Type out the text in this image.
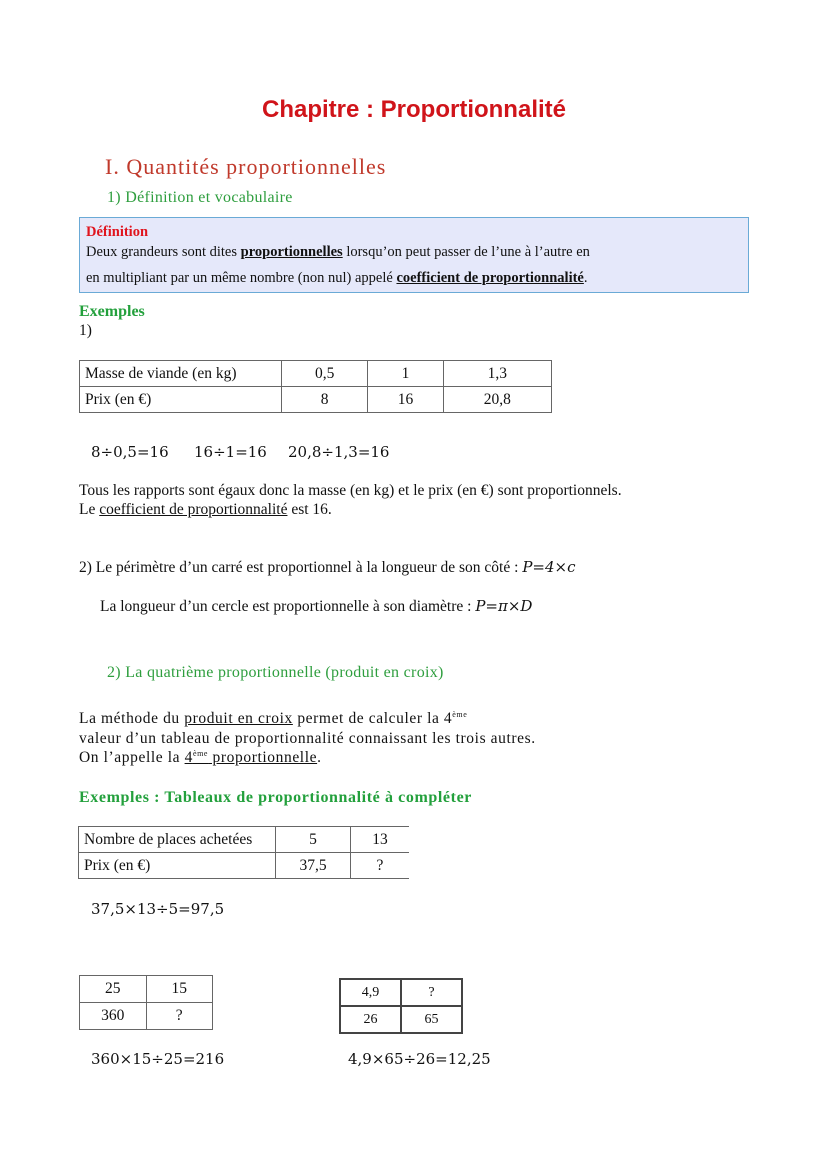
Chapitre : Proportionnalité
I. Quantités proportionnelles
1) Définition et vocabulaire
Définition
Deux grandeurs sont dites proportionnelles lorsqu’on peut passer de l’une à l’autre en
en multipliant par un même nombre (non nul) appelé coefficient de proportionnalité.
Exemples
1)
Masse de viande (en kg)	0,5	1	1,3
Prix (en €)	8	16	20,8
8÷0,5=16 16÷1=16 20,8÷1,3=16
Tous les rapports sont égaux donc la masse (en kg) et le prix (en €) sont proportionnels.
Le coefficient de proportionnalité est 16.
2) Le périmètre d’un carré est proportionnel à la longueur de son côté : P=4×c
La longueur d’un cercle est proportionnelle à son diamètre : P=π×D
2) La quatrième proportionnelle (produit en croix)
La méthode du produit en croix permet de calculer la 4ème
valeur d’un tableau de proportionnalité connaissant les trois autres.
On l’appelle la 4ème proportionnelle.
Exemples : Tableaux de proportionnalité à compléter
Nombre de places achetées	5	13
Prix (en €)	37,5	?
37,5×13÷5=97,5
25	15
360	?
360×15÷25=216
4,9	?
26	65
4,9×65÷26=12,25
